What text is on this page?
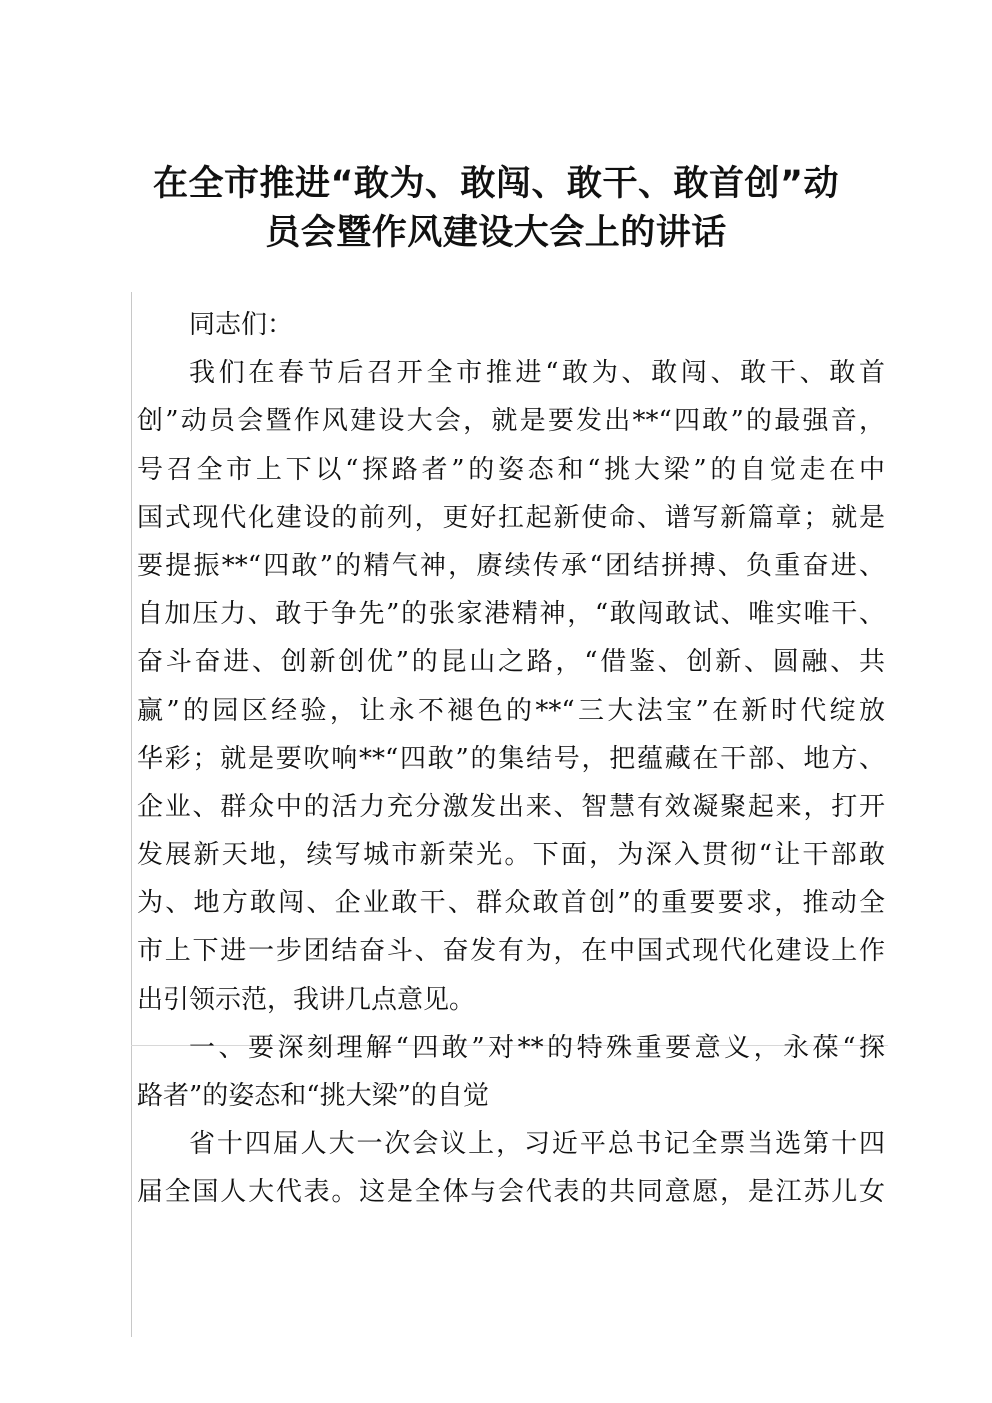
在全市推进“敢为、敢闯、敢干、敢首创”动
员会暨作风建设大会上的讲话
同志们：
我们在春节后召开全市推进“敢为、敢闯、敢干、敢首
创”动员会暨作风建设大会，就是要发出**“四敢”的最强音，
号召全市上下以“探路者”的姿态和“挑大梁”的自觉走在中
国式现代化建设的前列，更好扛起新使命、谱写新篇章；就是
要提振**“四敢”的精气神，赓续传承“团结拼搏、负重奋进、
自加压力、敢于争先”的张家港精神，“敢闯敢试、唯实唯干、
奋斗奋进、创新创优”的昆山之路，“借鉴、创新、圆融、共
赢”的园区经验，让永不褪色的**“三大法宝”在新时代绽放
华彩；就是要吹响**“四敢”的集结号，把蕴藏在干部、地方、
企业、群众中的活力充分激发出来、智慧有效凝聚起来，打开
发展新天地，续写城市新荣光。下面，为深入贯彻“让干部敢
为、地方敢闯、企业敢干、群众敢首创”的重要要求，推动全
市上下进一步团结奋斗、奋发有为，在中国式现代化建设上作
出引领示范，我讲几点意见。
一、要深刻理解“四敢”对**的特殊重要意义，永葆“探
路者”的姿态和“挑大梁”的自觉
省十四届人大一次会议上，习近平总书记全票当选第十四
届全国人大代表。这是全体与会代表的共同意愿，是江苏儿女
